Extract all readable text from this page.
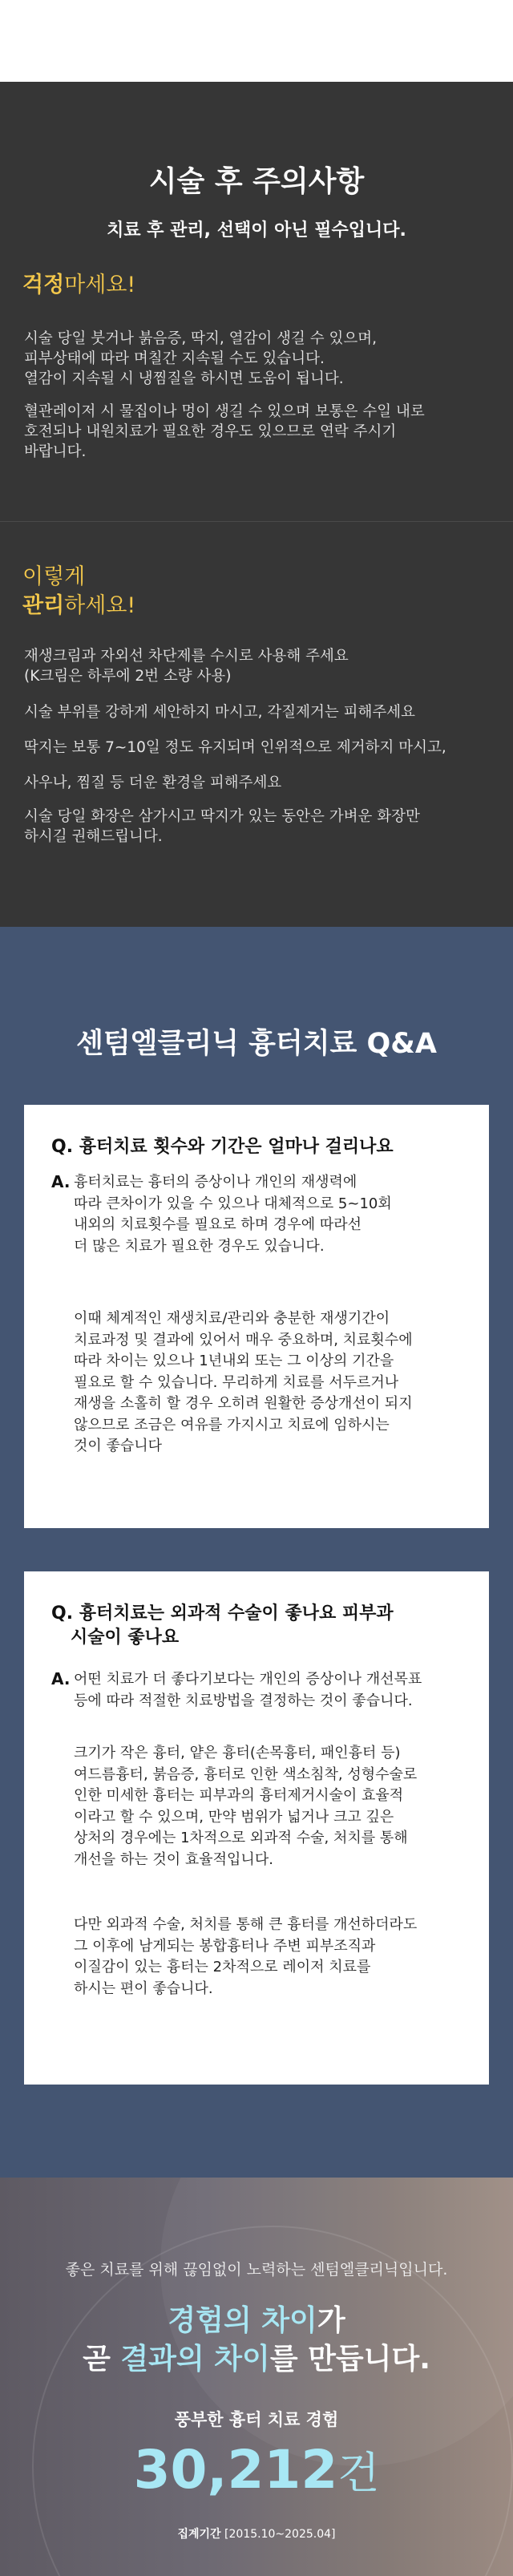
시술 후 주의사항
치료 후 관리, 선택이 아닌 필수입니다.
걱정마세요!
시술 당일 붓거나 붉음증, 딱지, 열감이 생길 수 있으며,
피부상태에 따라 며칠간 지속될 수도 있습니다.
열감이 지속될 시 냉찜질을 하시면 도움이 됩니다.
혈관레이저 시 물집이나 멍이 생길 수 있으며 보통은 수일 내로
호전되나 내원치료가 필요한 경우도 있으므로 연락 주시기
바랍니다.
이렇게
관리하세요!
재생크림과 자외선 차단제를 수시로 사용해 주세요
(K크림은 하루에 2번 소량 사용)
시술 부위를 강하게 세안하지 마시고, 각질제거는 피해주세요
딱지는 보통 7~10일 정도 유지되며 인위적으로 제거하지 마시고,
사우나, 찜질 등 더운 환경을 피해주세요
시술 당일 화장은 삼가시고 딱지가 있는 동안은 가벼운 화장만
하시길 권해드립니다.
센텀엘클리닉 흉터치료 Q&A
Q. 흉터치료 횟수와 기간은 얼마나 걸리나요
A. 흉터치료는 흉터의 증상이나 개인의 재생력에
따라 큰차이가 있을 수 있으나 대체적으로 5~10회
내외의 치료횟수를 필요로 하며 경우에 따라선
더 많은 치료가 필요한 경우도 있습니다.
이때 체계적인 재생치료/관리와 충분한 재생기간이
치료과정 및 결과에 있어서 매우 중요하며, 치료횟수에
따라 차이는 있으나 1년내외 또는 그 이상의 기간을
필요로 할 수 있습니다. 무리하게 치료를 서두르거나
재생을 소홀히 할 경우 오히려 원활한 증상개선이 되지
않으므로 조금은 여유를 가지시고 치료에 임하시는
것이 좋습니다
Q. 흉터치료는 외과적 수술이 좋나요 피부과
시술이 좋나요
A. 어떤 치료가 더 좋다기보다는 개인의 증상이나 개선목표
등에 따라 적절한 치료방법을 결정하는 것이 좋습니다.
크기가 작은 흉터, 얕은 흉터(손목흉터, 패인흉터 등)
여드름흉터, 붉음증, 흉터로 인한 색소침착, 성형수술로
인한 미세한 흉터는 피부과의 흉터제거시술이 효율적
이라고 할 수 있으며, 만약 범위가 넓거나 크고 깊은
상처의 경우에는 1차적으로 외과적 수술, 처치를 통해
개선을 하는 것이 효율적입니다.
다만 외과적 수술, 처치를 통해 큰 흉터를 개선하더라도
그 이후에 남게되는 봉합흉터나 주변 피부조직과
이질감이 있는 흉터는 2차적으로 레이저 치료를
하시는 편이 좋습니다.
좋은 치료를 위해 끊임없이 노력하는 센텀엘클리닉입니다.
경험의 차이가
곧 결과의 차이를 만듭니다.
풍부한 흉터 치료 경험
30,212건
집계기간 [2015.10~2025.04]
